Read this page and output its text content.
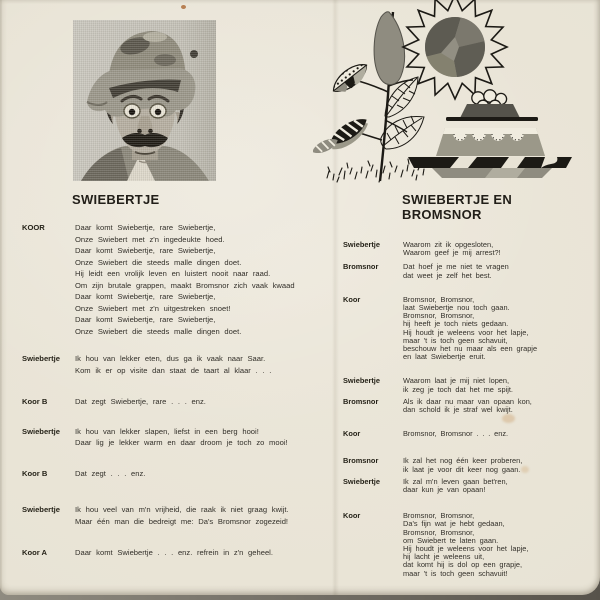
SWIEBERTJE
KOOR	Daar komt Swiebertje, rare Swiebertje,
Onze Swiebert met z'n ingedeukte hoed.
Daar komt Swiebertje, rare Swiebertje,
Onze Swiebert die steeds malle dingen doet.
Hij leidt een vrolijk leven en luistert nooit naar raad.
Om zijn brutale grappen, maakt Bromsnor zich vaak kwaad
Daar komt Swiebertje, rare Swiebertje,
Onze Swiebert met z'n uitgestreken snoet!
Daar komt Swiebertje, rare Swiebertje,
Onze Swiebert die steeds malle dingen doet.
Swiebertje	Ik hou van lekker eten, dus ga ik vaak naar Saar.
Kom ik er op visite dan staat de taart al klaar . . .
Koor B	Dat zegt Swiebertje, rare . . . enz.
Swiebertje	Ik hou van lekker slapen, liefst in een berg hooi!
Daar lig je lekker warm en daar droom je toch zo mooi!
Koor B	Dat zegt . . . enz.
Swiebertje	Ik hou veel van m'n vrijheid, die raak ik niet graag kwijt.
Maar één man die bedreigt me: Da's Bromsnor zogezeid!
Koor A	Daar komt Swiebertje . . . enz. refrein in z'n geheel.
SWIEBERTJE EN BROMSNOR
Swiebertje	Waarom zit ik opgesloten,
Waarom geef je mij arrest?!
Bromsnor	Dat hoef je me niet te vragen
dat weet je zelf het best.
Koor	Bromsnor, Bromsnor,
laat Swiebertje nou toch gaan.
Bromsnor, Bromsnor,
hij heeft je toch niets gedaan.
Hij houdt je weleens voor het lapje,
maar 't is toch geen schavuit,
beschouw het nu maar als een grapje
en laat Swiebertje eruit.
Swiebertje	Waarom laat je mij niet lopen,
ik zeg je toch dat het me spijt.
Bromsnor	Als ik daar nu maar van opaan kon,
dan schold ik je straf wel kwijt.
Koor	Bromsnor, Bromsnor . . . enz.
Bromsnor	Ik zal het nog één keer proberen,
ik laat je voor dit keer nog gaan.
Swiebertje	Ik zal m'n leven gaan bet'ren,
daar kun je van opaan!
Koor	Bromsnor, Bromsnor,
Da's fijn wat je hebt gedaan,
Bromsnor, Bromsnor,
om Swiebert te laten gaan.
Hij houdt je weleens voor het lapje,
hij lacht je weleens uit,
dat komt hij is dol op een grapje,
maar 't is toch geen schavuit!
